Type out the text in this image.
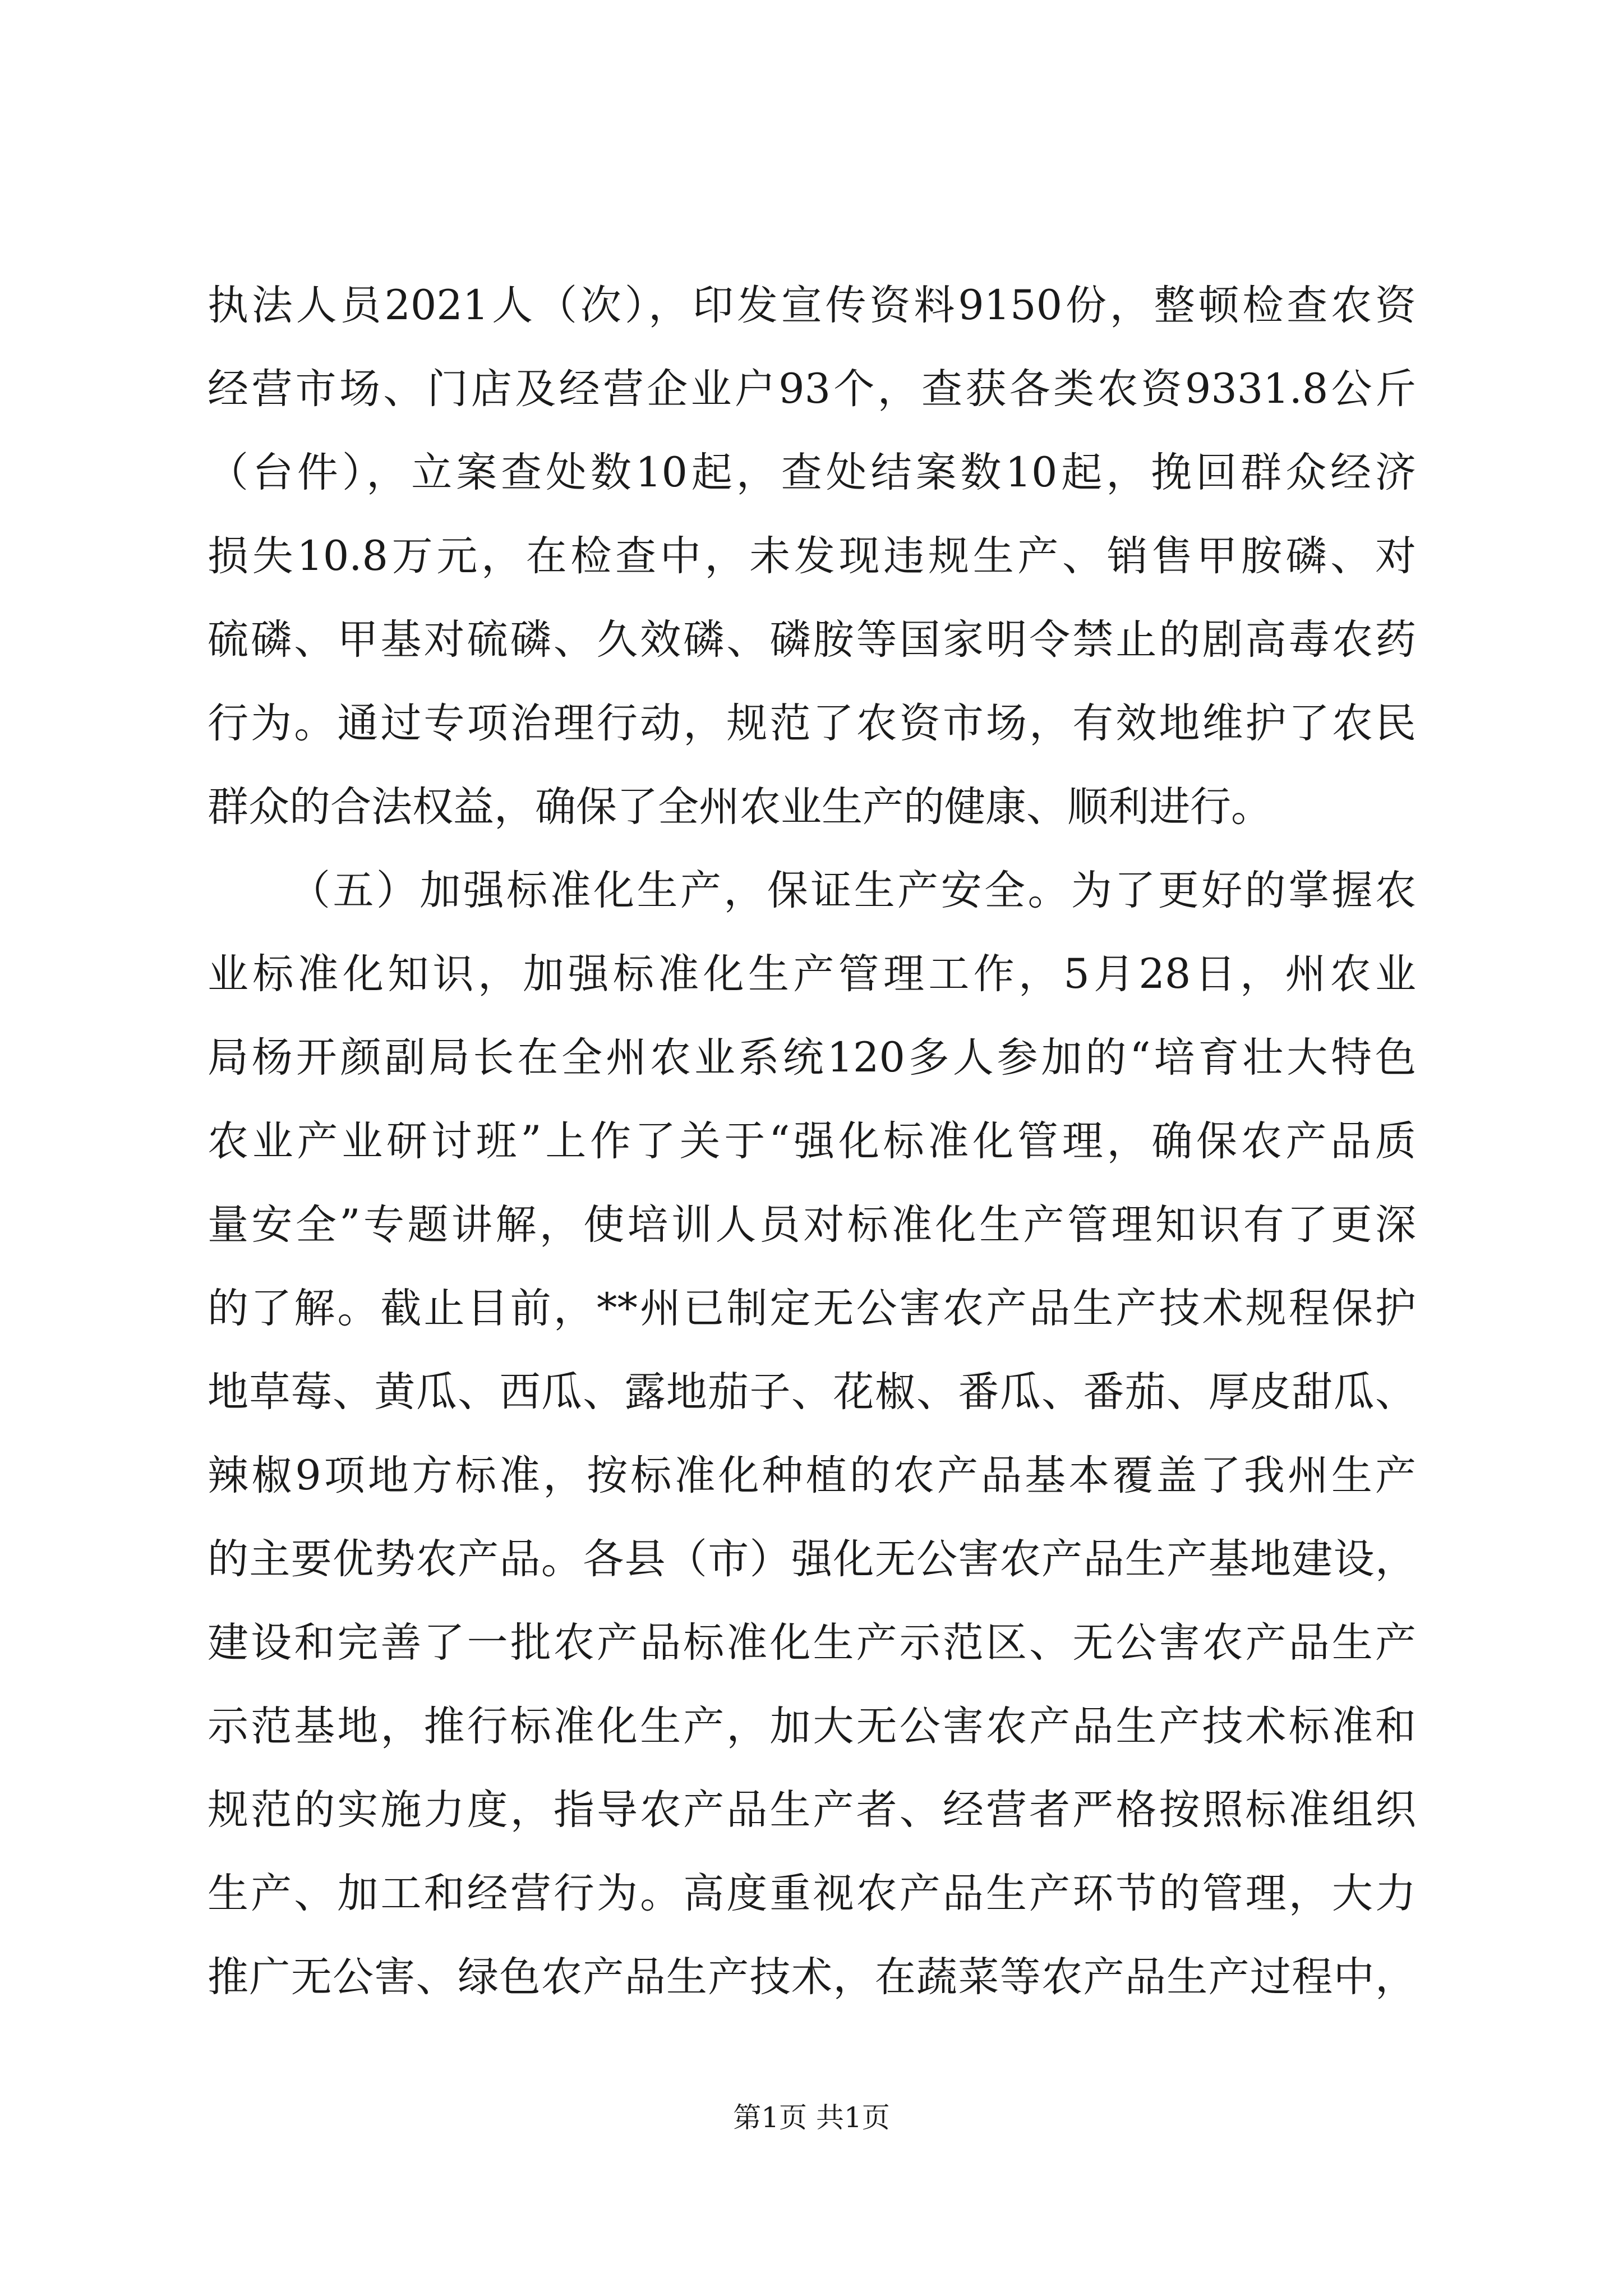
执法人员2021人（次），印发宣传资料9150份，整顿检查农资
经营市场、门店及经营企业户93个，查获各类农资9331.8公斤
（台件），立案查处数10起，查处结案数10起，挽回群众经济
损失10.8万元，在检查中，未发现违规生产、销售甲胺磷、对
硫磷、甲基对硫磷、久效磷、磷胺等国家明令禁止的剧高毒农药
行为。通过专项治理行动，规范了农资市场，有效地维护了农民
群众的合法权益，确保了全州农业生产的健康、顺利进行。
（五）加强标准化生产，保证生产安全。为了更好的掌握农
业标准化知识，加强标准化生产管理工作，5月28日，州农业
局杨开颜副局长在全州农业系统120多人参加的“培育壮大特色
农业产业研讨班”上作了关于“强化标准化管理，确保农产品质
量安全”专题讲解，使培训人员对标准化生产管理知识有了更深
的了解。截止目前，**州已制定无公害农产品生产技术规程保护
地草莓、黄瓜、西瓜、露地茄子、花椒、番瓜、番茄、厚皮甜瓜、
辣椒9项地方标准，按标准化种植的农产品基本覆盖了我州生产
的主要优势农产品。各县（市）强化无公害农产品生产基地建设，
建设和完善了一批农产品标准化生产示范区、无公害农产品生产
示范基地，推行标准化生产，加大无公害农产品生产技术标准和
规范的实施力度，指导农产品生产者、经营者严格按照标准组织
生产、加工和经营行为。高度重视农产品生产环节的管理，大力
推广无公害、绿色农产品生产技术，在蔬菜等农产品生产过程中，
第1页 共1页
